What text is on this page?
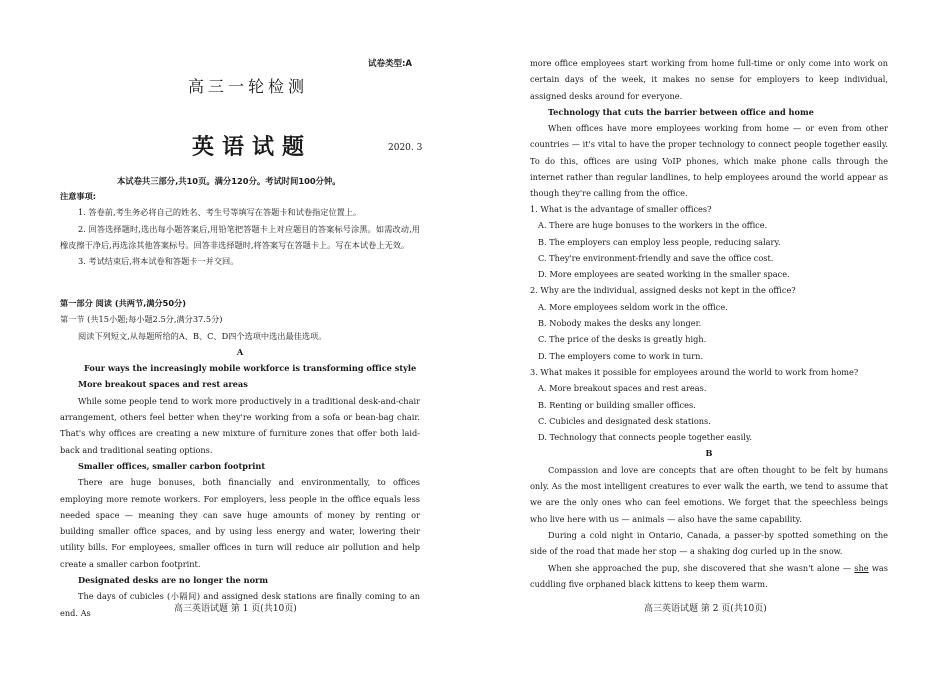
试卷类型:A
高三一轮检测
英语试题	2020. 3
本试卷共三部分,共10页。满分120分。考试时间100分钟。

注意事项:

1. 答卷前,考生务必将自己的姓名、考生号等填写在答题卡和试卷指定位置上。

2. 回答选择题时,选出每小题答案后,用铅笔把答题卡上对应题目的答案标号涂黑。如需改动,用橡皮擦干净后,再选涂其他答案标号。回答非选择题时,将答案写在答题卡上。写在本试卷上无效。

3. 考试结束后,将本试卷和答题卡一并交回。

第一部分 阅读 (共两节,满分50分)

第一节 (共15小题;每小题2.5分,满分37.5分)

阅读下列短文,从每题所给的A、B、C、D四个选项中选出最佳选项。

A

Four ways the increasingly mobile workforce is transforming office style

More breakout spaces and rest areas

While some people tend to work more productively in a traditional desk-and-chair arrangement, others feel better when they're working from a sofa or bean-bag chair. That's why offices are creating a new mixture of furniture zones that offer both laid-back and traditional seating options.

Smaller offices, smaller carbon footprint

There are huge bonuses, both financially and environmentally, to offices employing more remote workers. For employers, less people in the office equals less needed space — meaning they can save huge amounts of money by renting or building smaller office spaces, and by using less energy and water, lowering their utility bills. For employees, smaller offices in turn will reduce air pollution and help create a smaller carbon footprint.

Designated desks are no longer the norm

The days of cubicles (小隔间) and assigned desk stations are finally coming to an end. As	高三英语试题 第 1 页(共10页)

more office employees start working from home full-time or only come into work on certain days of the week, it makes no sense for employers to keep individual, assigned desks around for everyone.

Technology that cuts the barrier between office and home

When offices have more employees working from home — or even from other countries — it's vital to have the proper technology to connect people together easily. To do this, offices are using VoIP phones, which make phone calls through the internet rather than regular landlines, to help employees around the world appear as though they're calling from the office.

1. What is the advantage of smaller offices?

A. There are huge bonuses to the workers in the office.

B. The employers can employ less people, reducing salary.

C. They're environment-friendly and save the office cost.

D. More employees are seated working in the smaller space.

2. Why are the individual, assigned desks not kept in the office?

A. More employees seldom work in the office.

B. Nobody makes the desks any longer.

C. The price of the desks is greatly high.

D. The employers come to work in turn.

3. What makes it possible for employees around the world to work from home?

A. More breakout spaces and rest areas.

B. Renting or building smaller offices.

C. Cubicles and designated desk stations.

D. Technology that connects people together easily.

B

Compassion and love are concepts that are often thought to be felt by humans only. As the most intelligent creatures to ever walk the earth, we tend to assume that we are the only ones who can feel emotions. We forget that the speechless beings who live here with us — animals — also have the same capability.

During a cold night in Ontario, Canada, a passer-by spotted something on the side of the road that made her stop — a shaking dog curled up in the snow.

When she approached the pup, she discovered that she wasn't alone — she was cuddling five orphaned black kittens to keep them warm.

高三英语试题 第 2 页(共10页)
